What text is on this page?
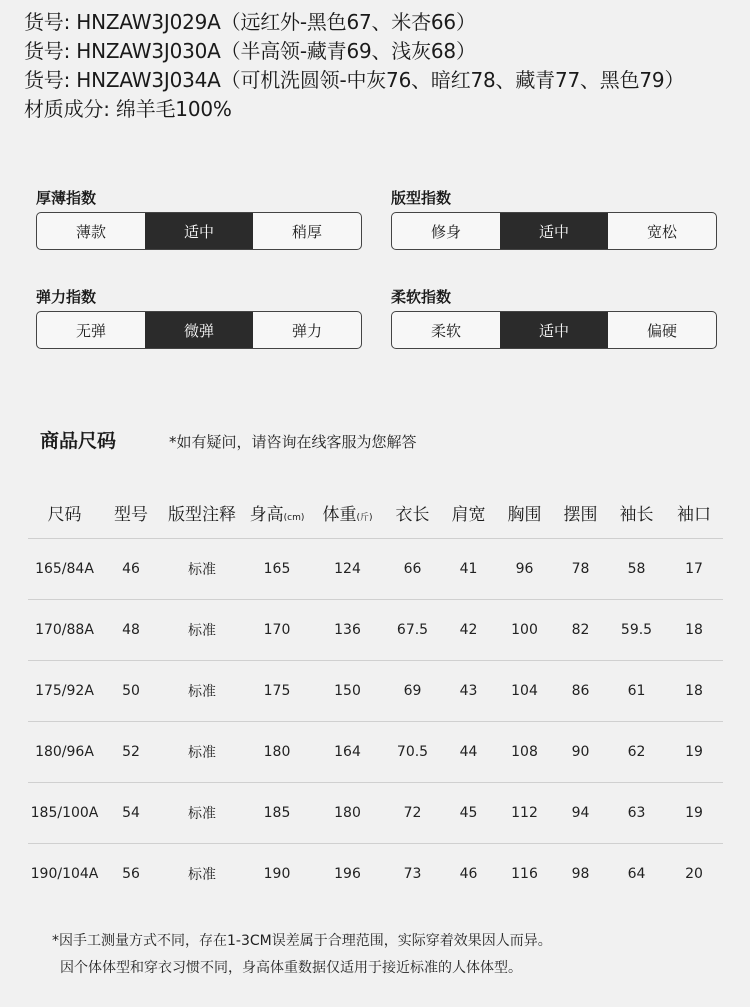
货号: HNZAW3J029A（远红外-黑色67、米杏66）
货号: HNZAW3J030A（半高领-藏青69、浅灰68）
货号: HNZAW3J034A（可机洗圆领-中灰76、暗红78、藏青77、黑色79）
材质成分: 绵羊毛100%
厚薄指数
薄款	适中	稍厚
版型指数
修身	适中	宽松
弹力指数
无弹	微弹	弹力
柔软指数
柔软	适中	偏硬
商品尺码	*如有疑问，请咨询在线客服为您解答
尺码	型号	版型注释 身高(cm)	体重(斤)	衣长	肩宽	胸围	摆围	袖长	袖口
165/84A	46	标准	165	124	66	41	96	78	58	17
170/88A	48	标准	170	136	67.5	42	100	82	59.5	18
175/92A	50	标准	175	150	69	43	104	86	61	18
180/96A	52	标准	180	164	70.5	44	108	90	62	19
185/100A	54	标准	185	180	72	45	112	94	63	19
190/104A	56	标准	190	196	73	46	116	98	64	20
*因手工测量方式不同，存在1-3CM误差属于合理范围，实际穿着效果因人而异。
因个体体型和穿衣习惯不同，身高体重数据仅适用于接近标准的人体体型。
